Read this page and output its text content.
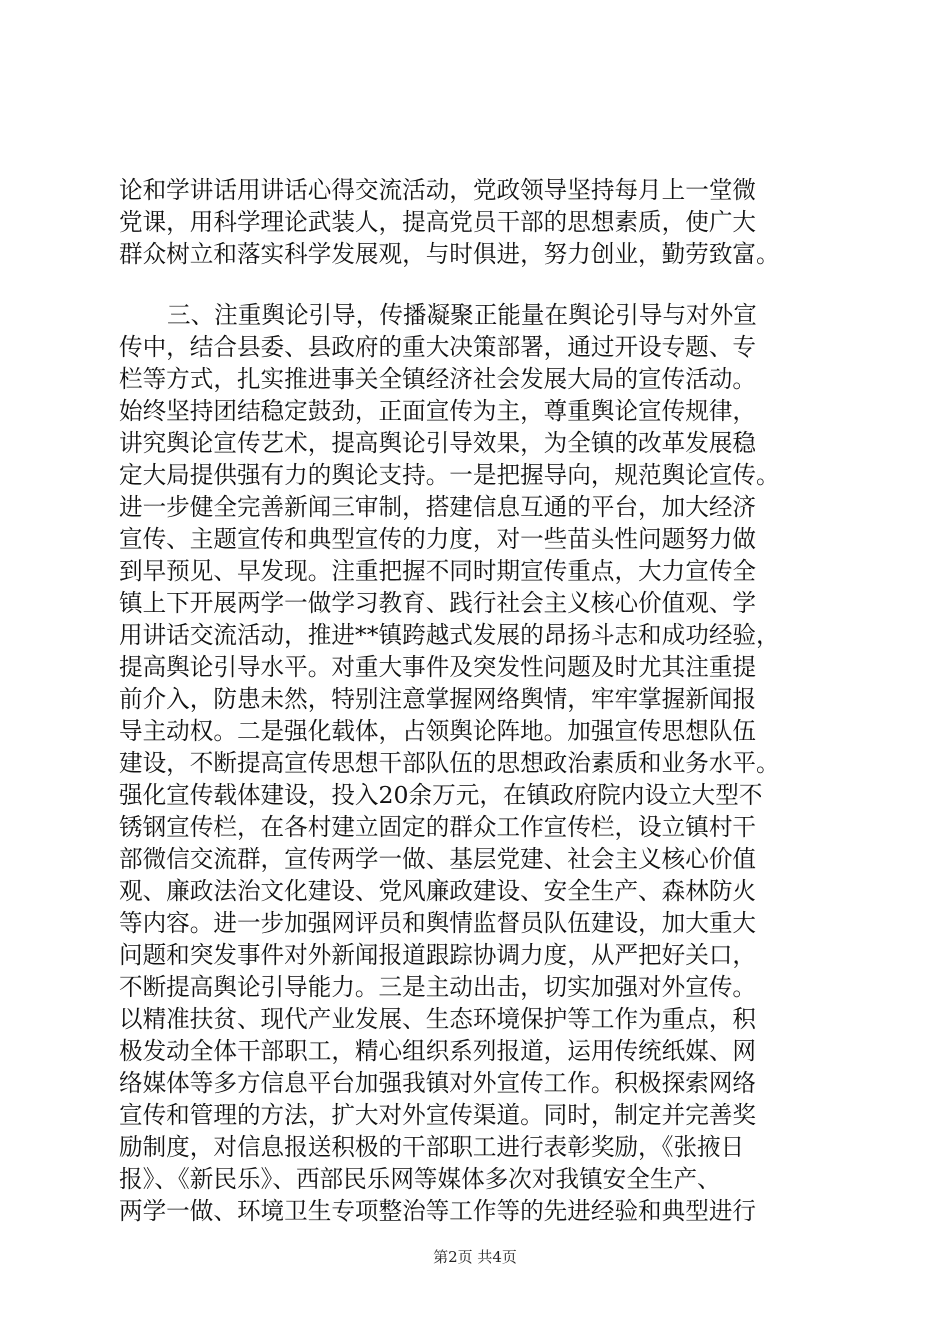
论和学讲话用讲话心得交流活动，党政领导坚持每月上一堂微
党课，用科学理论武装人，提高党员干部的思想素质，使广大
群众树立和落实科学发展观，与时俱进，努力创业，勤劳致富。
三、注重舆论引导，传播凝聚正能量在舆论引导与对外宣
传中，结合县委、县政府的重大决策部署，通过开设专题、专
栏等方式，扎实推进事关全镇经济社会发展大局的宣传活动。
始终坚持团结稳定鼓劲，正面宣传为主，尊重舆论宣传规律，
讲究舆论宣传艺术，提高舆论引导效果，为全镇的改革发展稳
定大局提供强有力的舆论支持。一是把握导向，规范舆论宣传。
进一步健全完善新闻三审制，搭建信息互通的平台，加大经济
宣传、主题宣传和典型宣传的力度，对一些苗头性问题努力做
到早预见、早发现。注重把握不同时期宣传重点，大力宣传全
镇上下开展两学一做学习教育、践行社会主义核心价值观、学
用讲话交流活动，推进**镇跨越式发展的昂扬斗志和成功经验，
提高舆论引导水平。对重大事件及突发性问题及时尤其注重提
前介入，防患未然，特别注意掌握网络舆情，牢牢掌握新闻报
导主动权。二是强化载体，占领舆论阵地。加强宣传思想队伍
建设，不断提高宣传思想干部队伍的思想政治素质和业务水平。
强化宣传载体建设，投入20余万元，在镇政府院内设立大型不
锈钢宣传栏，在各村建立固定的群众工作宣传栏，设立镇村干
部微信交流群，宣传两学一做、基层党建、社会主义核心价值
观、廉政法治文化建设、党风廉政建设、安全生产、森林防火
等内容。进一步加强网评员和舆情监督员队伍建设，加大重大
问题和突发事件对外新闻报道跟踪协调力度，从严把好关口，
不断提高舆论引导能力。三是主动出击，切实加强对外宣传。
以精准扶贫、现代产业发展、生态环境保护等工作为重点，积
极发动全体干部职工，精心组织系列报道，运用传统纸媒、网
络媒体等多方信息平台加强我镇对外宣传工作。积极探索网络
宣传和管理的方法，扩大对外宣传渠道。同时，制定并完善奖
励制度，对信息报送积极的干部职工进行表彰奖励，《张掖日
报》、《新民乐》、西部民乐网等媒体多次对我镇安全生产、
两学一做、环境卫生专项整治等工作等的先进经验和典型进行
第2页 共4页
